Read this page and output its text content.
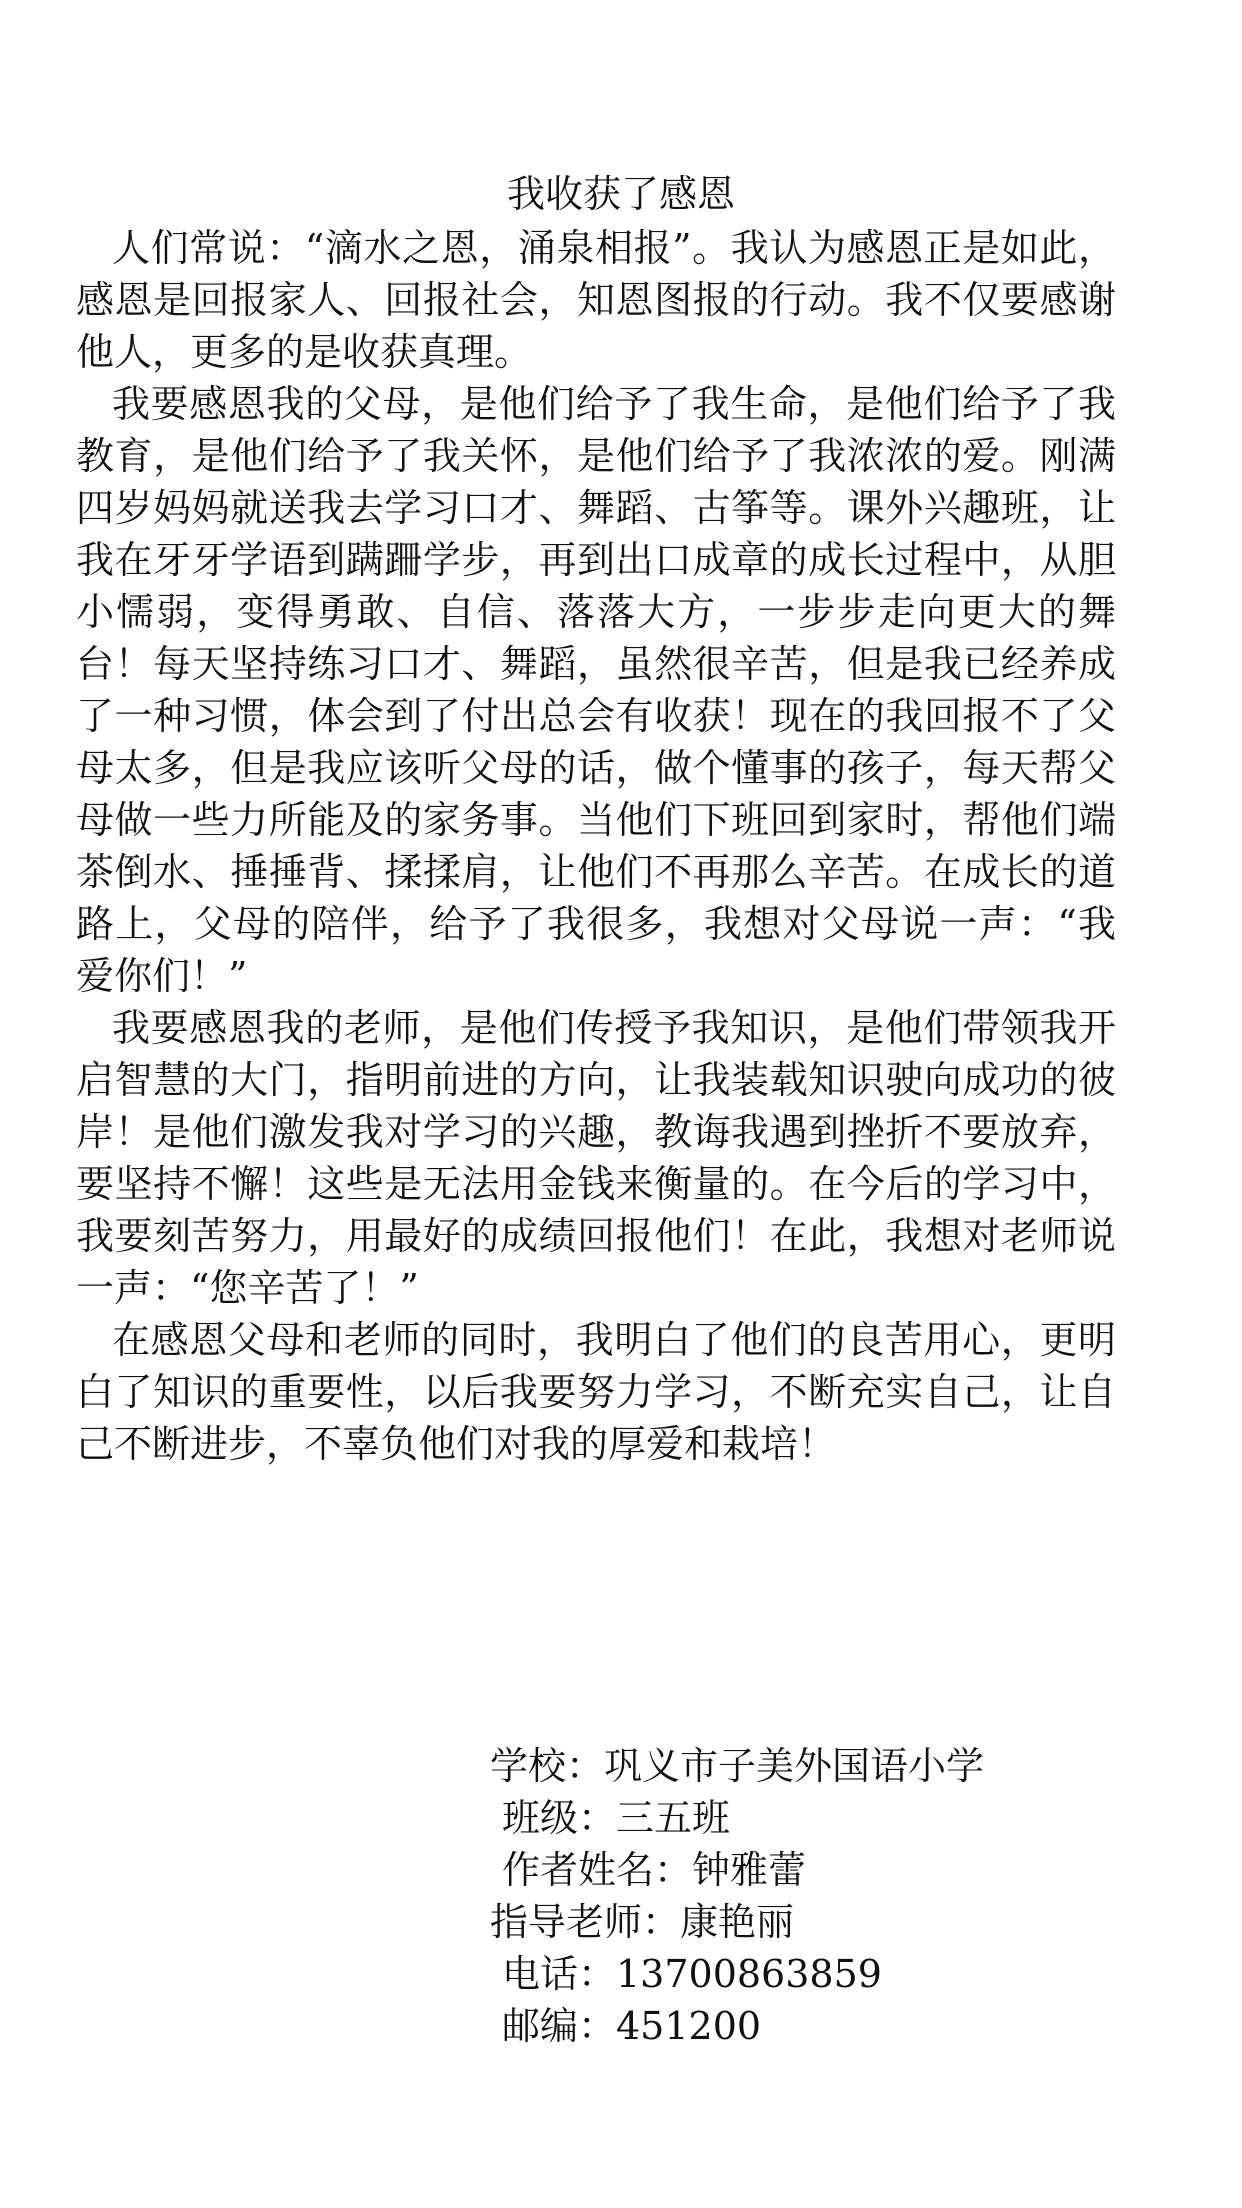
我收获了感恩

人们常说：“滴水之恩，涌泉相报”。我认为感恩正是如此，感恩是回报家人、回报社会，知恩图报的行动。我不仅要感谢他人，更多的是收获真理。

我要感恩我的父母，是他们给予了我生命，是他们给予了我教育，是他们给予了我关怀，是他们给予了我浓浓的爱。刚满四岁妈妈就送我去学习口才、舞蹈、古筝等。课外兴趣班，让我在牙牙学语到蹒跚学步，再到出口成章的成长过程中，从胆小懦弱，变得勇敢、自信、落落大方，一步步走向更大的舞台！每天坚持练习口才、舞蹈，虽然很辛苦，但是我已经养成了一种习惯，体会到了付出总会有收获！现在的我回报不了父母太多，但是我应该听父母的话，做个懂事的孩子，每天帮父母做一些力所能及的家务事。当他们下班回到家时，帮他们端茶倒水、捶捶背、揉揉肩，让他们不再那么辛苦。在成长的道路上，父母的陪伴，给予了我很多，我想对父母说一声：“我爱你们！”

我要感恩我的老师，是他们传授予我知识，是他们带领我开启智慧的大门，指明前进的方向，让我装载知识驶向成功的彼岸！是他们激发我对学习的兴趣，教诲我遇到挫折不要放弃，要坚持不懈！这些是无法用金钱来衡量的。在今后的学习中，我要刻苦努力，用最好的成绩回报他们！在此，我想对老师说一声：“您辛苦了！”

在感恩父母和老师的同时，我明白了他们的良苦用心，更明白了知识的重要性，以后我要努力学习，不断充实自己，让自己不断进步，不辜负他们对我的厚爱和栽培！

学校：巩义市子美外国语小学

班级：三五班

作者姓名：钟雅蕾

指导老师：康艳丽

电话：13700863859

邮编：451200
